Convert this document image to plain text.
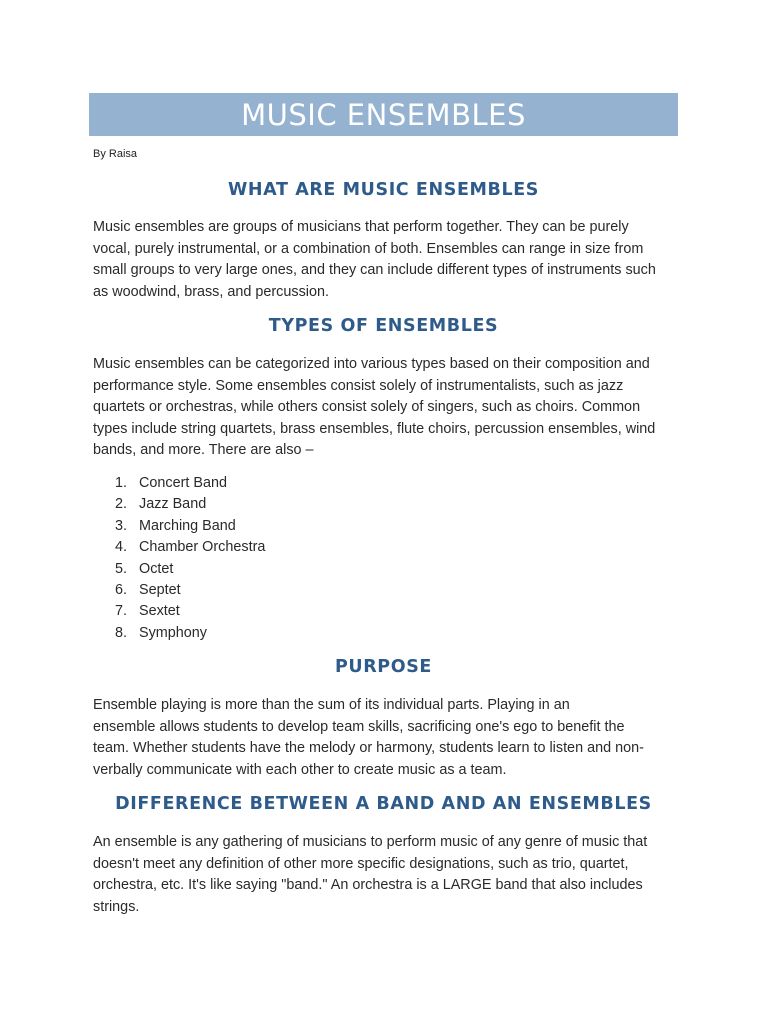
MUSIC ENSEMBLES
By Raisa
WHAT ARE MUSIC ENSEMBLES
Music ensembles are groups of musicians that perform together. They can be purely
vocal, purely instrumental, or a combination of both. Ensembles can range in size from
small groups to very large ones, and they can include different types of instruments such
as woodwind, brass, and percussion.
TYPES OF ENSEMBLES
Music ensembles can be categorized into various types based on their composition and
performance style. Some ensembles consist solely of instrumentalists, such as jazz
quartets or orchestras, while others consist solely of singers, such as choirs. Common
types include string quartets, brass ensembles, flute choirs, percussion ensembles, wind
bands, and more. There are also –
1. Concert Band
2. Jazz Band
3. Marching Band
4. Chamber Orchestra
5. Octet
6. Septet
7. Sextet
8. Symphony
PURPOSE
Ensemble playing is more than the sum of its individual parts. Playing in an
ensemble allows students to develop team skills, sacrificing one's ego to benefit the
team. Whether students have the melody or harmony, students learn to listen and non-
verbally communicate with each other to create music as a team.
DIFFERENCE BETWEEN A BAND AND AN ENSEMBLES
An ensemble is any gathering of musicians to perform music of any genre of music that
doesn't meet any definition of other more specific designations, such as trio, quartet,
orchestra, etc. It's like saying "band." An orchestra is a LARGE band that also includes
strings.
